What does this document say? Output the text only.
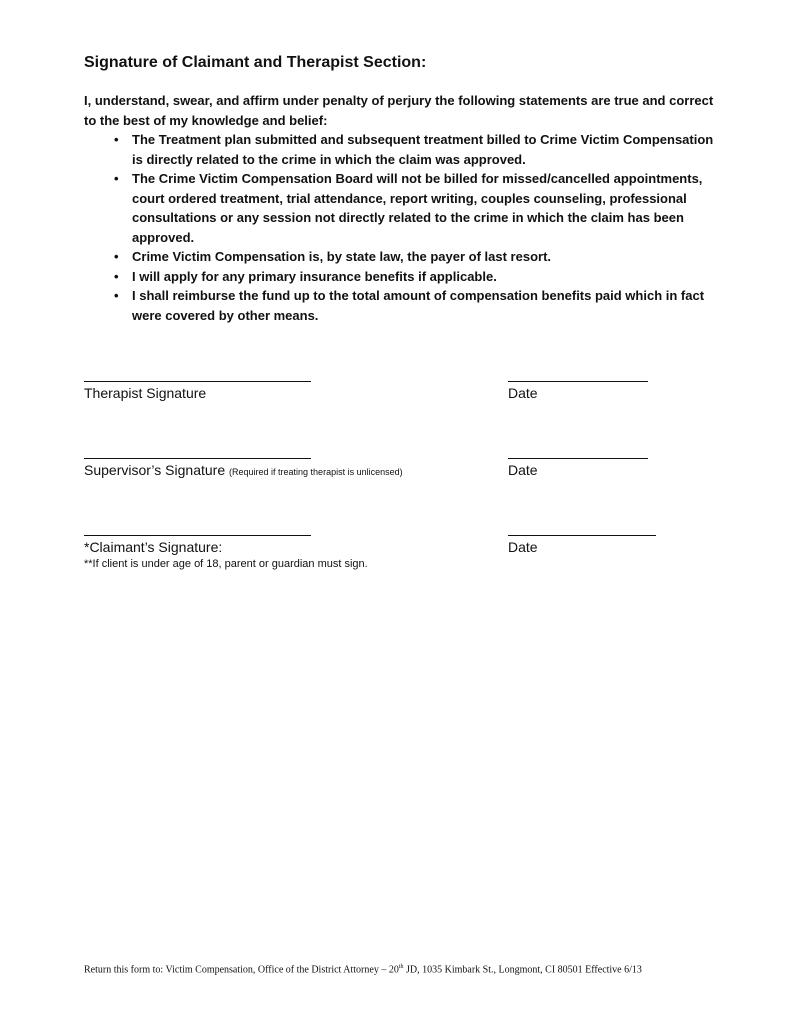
Signature of Claimant and Therapist Section:
I, understand, swear, and affirm under penalty of perjury the following statements are true and correct to the best of my knowledge and belief:
• The Treatment plan submitted and subsequent treatment billed to Crime Victim Compensation is directly related to the crime in which the claim was approved.
• The Crime Victim Compensation Board will not be billed for missed/cancelled appointments, court ordered treatment, trial attendance, report writing, couples counseling, professional consultations or any session not directly related to the crime in which the claim has been approved.
• Crime Victim Compensation is, by state law, the payer of last resort.
• I will apply for any primary insurance benefits if applicable.
• I shall reimburse the fund up to the total amount of compensation benefits paid which in fact were covered by other means.
Therapist Signature	Date
Supervisor’s Signature (Required if treating therapist is unlicensed)	Date
*Claimant’s Signature:	Date
**If client is under age of 18, parent or guardian must sign.
Return this form to: Victim Compensation, Office of the District Attorney – 20th JD, 1035 Kimbark St., Longmont, CI 80501 Effective 6/13
